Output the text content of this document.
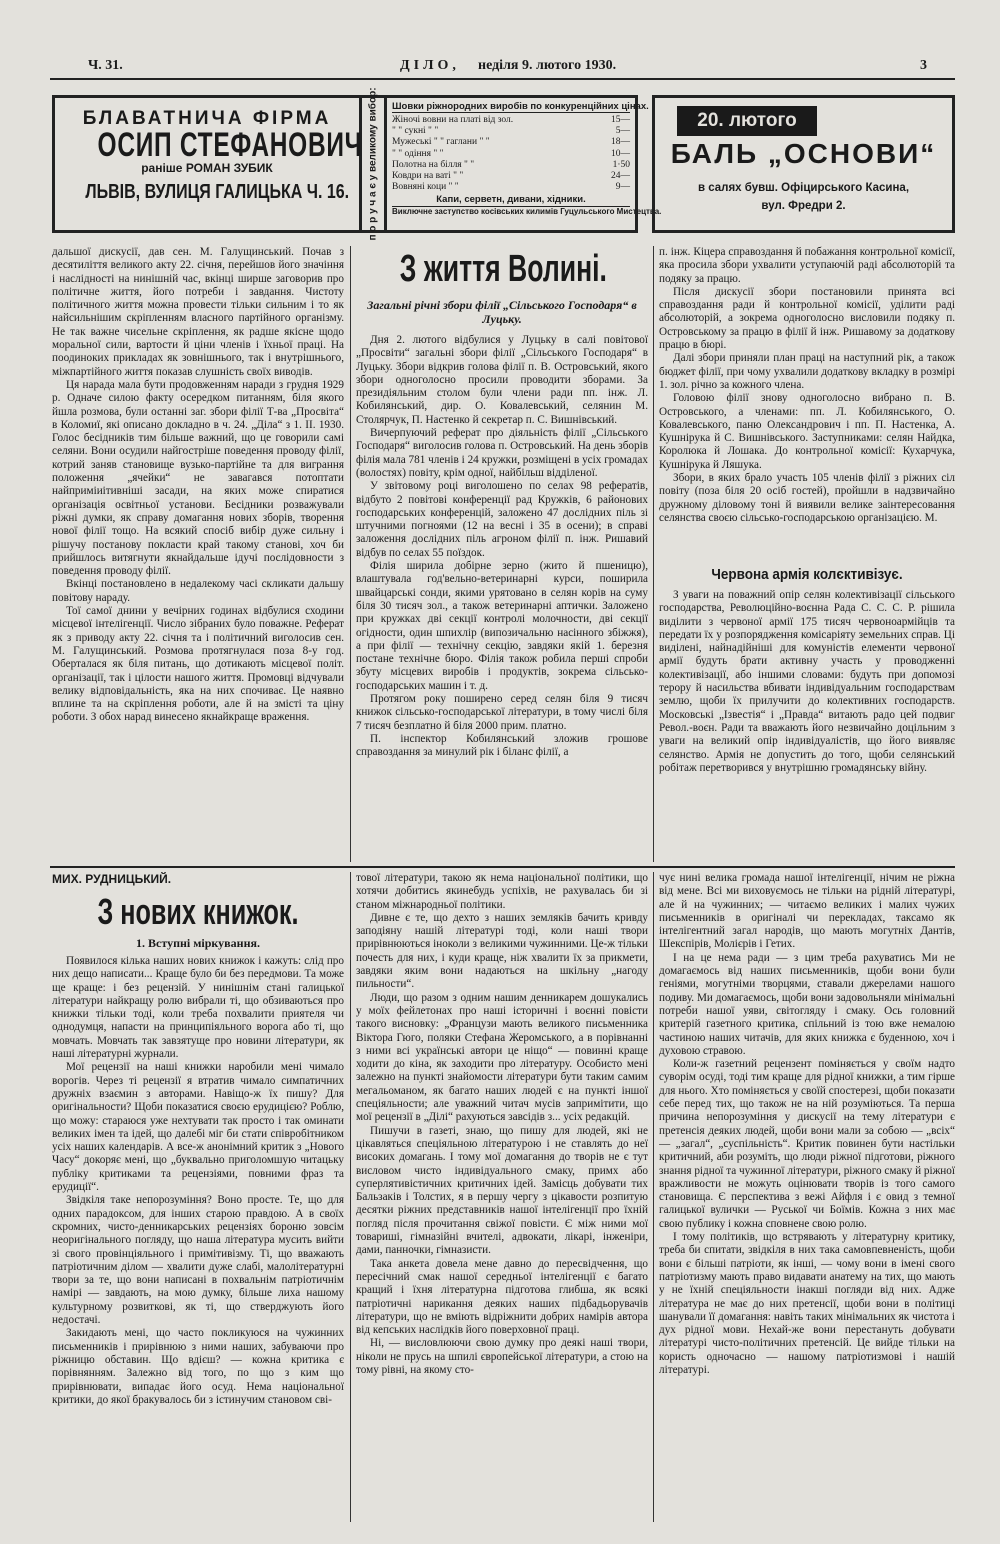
Ч. 31.	ДІЛО, неділя 9. лютого 1930.	3
БЛАВАТНИЧА ФІРМА
ОСИП СТЕФАНОВИЧ
раніше РОМАН ЗУБИК
ЛЬВІВ, ВУЛИЦЯ ГАЛИЦЬКА Ч. 16. п о р у ч а є у великому вибор: Шовки ріжнородних виробів по конкуренційних цінах.
Жіночі вовни на платі від зол.	15—
" " сукні " "	5—
Мужеські " " гаглани " "	18—
" " одіння " "	10—
Полотна на білля " "	1·50
Ковдри на ваті " "	24—
Вовняні коци " "	9—
Капи, серветн, дивани, хідники.
Виключне заступство косівських килимів Гуцульського Мистецтва.
20. лютого
БАЛЬ „ОСНОВИ“
в салях бувш. Офіцирського Касина,
вул. Фредри 2.

дальшої дискусії, дав сен. М. Галущинський. Почав з десятиліття великого акту 22. січня, перейшов його значіння і наслідності на нинішній час, вкінці ширше заговорив про політичне життя, його потреби і завдання. Чистоту політичного життя можна провести тільки сильним і то як найсильнішим скріпленням власного партійного організму. Не так важне чисельне скріплення, як радше якісне щодо моральної сили, вартости й ціни членів і їхньої праці. На поодиноких прикладах як зовнішнього, так і внутрішнього, міжпартійного життя показав слушність своїх виводів.

Ця нарада мала бути продовженням наради з грудня 1929 р. Одначе силою факту осередком питанням, біля якого йшла розмова, були останні заг. збори філії Т-ва „Просвіта“ в Коломиї, які описано докладно в ч. 24. „Діла“ з 1. ІІ. 1930. Голос бесідників тим більше важний, що це говорили самі селяни. Вони осудили найгостріше поведення проводу філії, котрий заняв становище вузько-партійне та для виграння положення „ячейки“ не завагався потоптати найприміиітивніші засади, на яких може спиратися організація освітньої установи. Бесідники розважували ріжні думки, як справу домагання нових зборів, творення нової філії тощо. На всякий спосіб вибір дуже сильну і рішучу постанову покласти край такому станові, хоч би прийшлось витягнути якнайдальше ідучі послідовности з поведення проводу філії.

Вкінці постановлено в недалекому часі скликати дальшу повітову нараду.

Тої самої днини у вечірних годинах відбулися сходини місцевої інтелігенції. Число зібраних було поважне. Реферат як з приводу акту 22. січня та і політичний виголосив сен. М. Галущинський. Розмова протягнулася поза 8-у год. Оберталася як біля питань, що дотикають місцевої політ. організації, так і цілости нашого життя. Промовці відчували велику відповідальність, яка на них спочиває. Це наявно вплине та на скріплення роботи, але й на змісті та ціну роботи. З обох нарад винесено якнайкраще враження.

З життя Волині.
Загальні річні збори філії „Сільського Господаря“ в Луцьку.

Дня 2. лютого відбулися у Луцьку в салі повітової „Просвіти“ загальні збори філії „Сільського Господаря“ в Луцьку. Збори відкрив голова філії п. В. Островський, якого збори одноголосно просили проводити зборами. За президіяльним столом були члени ради пп. інж. Л. Кобилянський, дир. О. Ковалевський, селянин М. Столярчук, П. Настенко й секретар п. С. Вишнівський.

Вичерпуючий реферат про діяльність філії „Сільського Господаря“ виголосив голова п. Островський. На день зборів філія мала 781 членів і 24 кружки, розміщені в усіх громадах (волостях) повіту, крім одної, найбільш відділеної.

У звітовому році виголошено по селах 98 рефератів, відбуто 2 повітові конференції рад Кружків, 6 районових господарських конференцій, заложено 47 дослідних піль зі штучними погноями (12 на весні і 35 в осени); в справі заложення дослідних піль агроном філії п. інж. Ришавий відбув по селах 55 поїздок.

Філія ширила добірне зерно (жито й пшеницю), влаштувала год'вельно-ветеринарні курси, поширила швайцарські сонди, якими урятовано в селян корів на суму біля 30 тисяч зол., а також ветеринарні аптички. Заложено при кружках дві секції контролі молочности, дві секції огідности, один шпихлір (випозичальню насінного збіжжя), а при філії — технічну секцію, завдяки якій 1. березня постане технічне бюро. Філія також робила перші спроби збуту місцевих виробів і продуктів, зокрема сільсько-господарських машин і т. д.

Протягом року поширено серед селян біля 9 тисяч книжок сільсько-господарської літератури, в тому числі біля 7 тисяч безплатно й біля 2000 прим. платно.

П. інспектор Кобилянський зложив грошове справоздання за минулий рік і біланс філії, а

п. інж. Кіцера справоздання й побажання контрольної комісії, яка просила збори ухвалити уступаючій раді абсолюторій та подяку за працю.

Після дискусії збори постановили принята всі справоздання ради й контрольної комісії, уділити раді абсолюторій, а зокрема одноголосно висловили подяку п. Островському за працю в філії й інж. Ришавому за додаткову працю в бюрі.

Далі збори приняли план праці на наступний рік, а також бюджет філії, при чому ухвалили додаткову вкладку в розмірі 1. зол. річно за кожного члена.

Головою філії знову одноголосно вибрано п. В. Островського, а членами: пп. Л. Кобилянського, О. Ковалевського, паню Олександрович і пп. П. Настенка, А. Кушнірука й С. Вишнівського. Заступниками: селян Найдка, Королюка й Лошака. До контрольної комісії: Кухарчука, Кушнірука й Ляшука.

Збори, в яких брало участь 105 членів філії з ріжних сіл повіту (поза біля 20 осіб гостей), пройшли в надзвичайно дружному діловому тоні й виявили велике заінтересовання селянства своєю сільсько-господарською організацією. М.

Червона армія колєктивізує.

З уваги на поважний опір селян колективізації сільського господарства, Революційно-воєнна Рада С. С. С. Р. рішила виділити з червоної армії 175 тисяч червоноармійців та передати їх у розпорядження комісаріяту земельних справ. Ці виділені, найнадійніші для комуністів елементи червоної армії будуть брати активну участь у проводженні колективізації, або іншими словами: будуть при допомозі терору й насильства вбивати індивідуальним господарствам землю, щоби їх прилучити до колективних господарств. Московські „Ізвестія“ і „Правда“ витають радо цей подвиг Револ.-воєн. Ради та вважають його незвичайно доцільним з уваги на великий опір індивідуалістів, що його виявляє селянство. Армія не допустить до того, щоби селянський робітаж перетворився у внутрішню громадянську війну.

МИХ. РУДНИЦЬКИЙ.
З нових книжок.
1. Вступні міркування.

Появилося кілька наших нових книжок і кажуть: слід про них дещо написати... Краще було би без передмови. Та може ще краще: і без рецензій. У нинішнім стані галицької літератури найкращу ролю вибрали ті, що обзиваються про книжки тільки тоді, коли треба похвалити приятеля чи однодумця, напасти на принципіяльного ворога або ті, що мовчать. Мовчать так завзятуще про новини літератури, як наші літературні журнали.

Мої рецензії на наші книжки наробили мені чимало ворогів. Через ті рецензії я втратив чимало симпатичних дружніх взаємин з авторами. Навіщо-ж їх пишу? Для оригінальности? Щоби показатися своєю ерудицією? Роблю, що можу: стараюся уже нехтувати так просто і так оминати великих імен та ідей, що далебі міг би стати співробітником усіх наших календарів. А все-ж анонімний критик з „Нового Часу“ докоряє мені, що „буквально приголомшую читацьку публіку критиками та рецензіями, повними фраз та ерудиції“.

Звідкіля таке непорозуміння? Воно просте. Те, що для одних парадоксом, для інших старою правдою. А в своїх скромних, чисто-денникарських рецензіях бороню зовсім неоригінального погляду, що наша література мусить вийти зі свого провінціяльного і примітивізму. Ті, що вважають патріотичним ділом — хвалити дуже слабі, малолітературні твори за те, що вони написані в похвальнім патріотичнім намірі — завдають, на мою думку, більше лиха нашому культурному розвиткові, як ті, що стверджують його недостачі.

Закидають мені, що часто покликуюся на чужинних письменників і прирівнюю з ними наших, забуваючи про ріжницю обставин. Що вдієш? — кожна критика є порівнянням. Залежно від того, по що з ким що прирівнювати, випадає його осуд. Нема національної критики, до якої бракувалось би з істинучим становом сві-

тової літератури, такою як нема національної політики, що хотячи добитись якинебудь успіхів, не рахувалась би зі станом міжнародньої політики.

Дивне є те, що дехто з наших землякiв бачить кривду заподіяну нашій літературі тоді, коли наші твори прирівнюються іноколи з великими чужинними. Це-ж тільки почесть для них, і куди краще, ніж хвалити їх за прикмети, завдяки яким вони надаються на шкільну „нагоду пильности“.

Люди, що разом з одним нашим денникарем дошукались у моїх фейлетонах про наші історичні і воєнні повісти такого висновку: „Французи мають великого письменника Віктора Гюго, поляки Стефана Жеромського, а в порівнанні з ними всі українські автори це ніщо“ — повинні краще ходити до кіна, як заходити про літературу. Особисто мені залежно на пункті знайомости літератури бути таким самим мегальоманом, як багато наших людей є на пункті іншої спеціяльности; але уважний читач мусів запримітити, що мої рецензії в „Ділі“ рахуються завсідів з... усіх редакцій.

Пишучи в газеті, знаю, що пишу для людей, які не цікавляться спеціяльною літературою і не ставлять до неї високих домагань. І тому мої домагання до творів не є тут висловом чисто індивідуального смаку, примх або суперлятивістичних критичних ідей. Замісць добувати тих Бальзаків і Толстих, я в першу чергу з цікавости розпитую десятки ріжних представників нашої інтелігенції про їхній погляд після прочитання свіжої повісти. Є між ними мої товариші, гімназійні вчителі, адвокати, лікарі, інженіри, дами, панночки, гімназисти.

Така анкета довела мене давно до пересвідчення, що пересічний смак нашої середньої інтелігенції є багато кращий і їхня літературна підготова глибша, як всякі патріотичні нарикання деяких наших підбадьорувачів літератури, що не вміють відріжнити добрих намірів автора від кепських наслідків його поверховної праці.

Ні, — висловлюючи свою думку про деякі наші твори, ніколи не прусь на шпилі європейської літератури, а стою на тому рівні, на якому сто-

чує нині велика громада нашої інтелігенції, нічим не ріжна від мене. Всі ми виховуємось не тільки на рідній літературі, але й на чужинних; — читаємо великих і малих чужих письменників в оригіналі чи перекладах, таксамо як інтелігентний загал народів, що мають могутніх Дантів, Шекспірів, Молієрів і Гетих.

І на це нема ради — з цим треба рахуватись Ми не домагаємось від наших письменників, щоби вони були геніями, могутніми творцями, ставали джерелами нашого подиву. Ми домагаємось, щоби вони задовольняли мінімальні потреби нашої уяви, світогляду і смаку. Ось головний критерій газетного критика, спільний із тою вже немалою частиною наших читачів, для яких книжка є буденною, хоч і духовою стравою.

Коли-ж газетний рецензент поміняється у своїм надто суворім осуді, тоді тим краще для рідної книжки, а тим гірше для нього. Хто поміняється у своїй спостерезі, щоби показати себе перед тих, що також не на ній розуміються. Та перша причина непорозуміння у дискусії на тему літератури є претенсія деяких людей, щоби вони мали за собою — „всіх“ — „загал“, „суспільність“. Критик повинен бути настільки критичний, аби розуміть, що люди ріжної підготови, ріжного знання рідної та чужинної літератури, ріжного смаку й ріжної вражливости не можуть оцінювати творів із того самого становища. Є перспектива з вежі Айфля і є овид з темної галицької вулички — Руської чи Боїмів. Кожна з них має свою публику і кожна сповнене свою ролю.

І тому політиків, що встрявають у літературну критику, треба би спитати, звідкіля в них така самовпевненість, щоби вони є більші патріоти, як інші, — чому вони в імені свого патріотизму мають право видавати анатему на тих, що мають у не їхній спеціяльности інакші погляди від них. Адже література не має до них претенсії, щоби вони в політиці шанували її домагання: навіть таких мінімальних як чистота і дух рідної мови. Нехай-же вони перестануть добувати літературі чисто-політичних претенсій. Це вийде тільки на користь одночасно — нашому патріотизмові і нашій літературі.
